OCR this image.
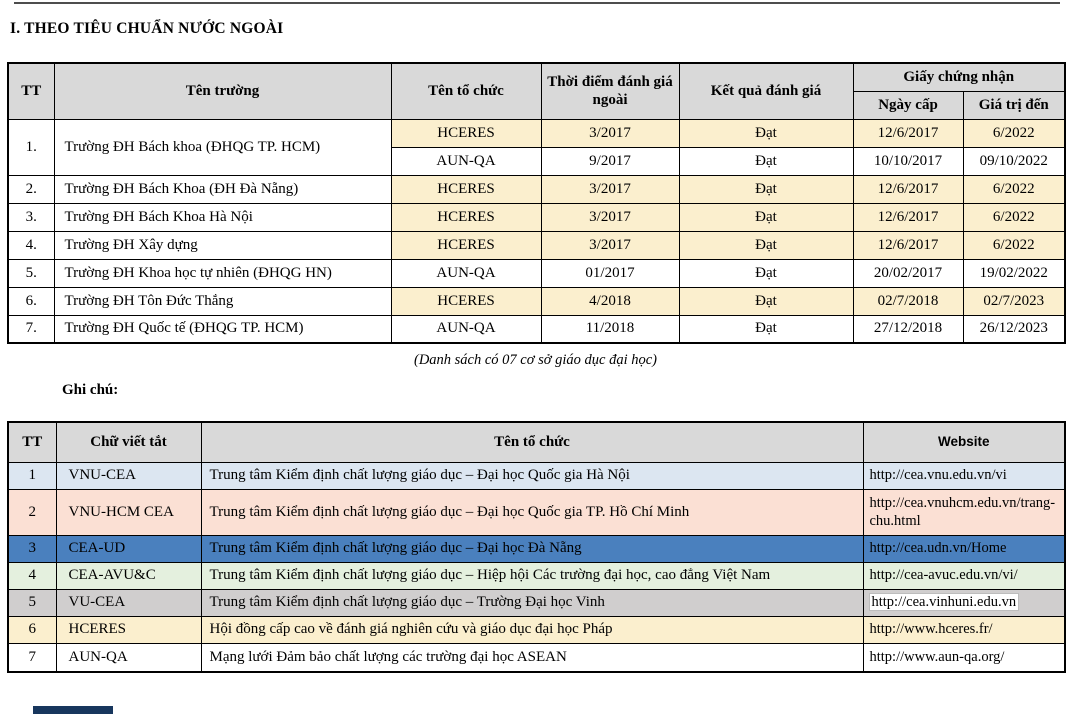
I. THEO TIÊU CHUẨN NƯỚC NGOÀI
TT	Tên trường	Tên tổ chức	Thời điểm đánh giá ngoài	Kết quả đánh giá	Giấy chứng nhận	
					Ngày cấp	Giá trị đến
1.	Trường ĐH Bách khoa (ĐHQG TP. HCM)	HCERES	3/2017	Đạt	12/6/2017	6/2022
		AUN-QA	9/2017	Đạt	10/10/2017	09/10/2022
2.	Trường ĐH Bách Khoa (ĐH Đà Nẵng)	HCERES	3/2017	Đạt	12/6/2017	6/2022
3.	Trường ĐH Bách Khoa Hà Nội	HCERES	3/2017	Đạt	12/6/2017	6/2022
4.	Trường ĐH Xây dựng	HCERES	3/2017	Đạt	12/6/2017	6/2022
5.	Trường ĐH Khoa học tự nhiên (ĐHQG HN)	AUN-QA	01/2017	Đạt	20/02/2017	19/02/2022
6.	Trường ĐH Tôn Đức Thắng	HCERES	4/2018	Đạt	02/7/2018	02/7/2023
7.	Trường ĐH Quốc tế (ĐHQG TP. HCM)	AUN-QA	11/2018	Đạt	27/12/2018	26/12/2023
(Danh sách có 07 cơ sở giáo dục đại học)
Ghi chú:
TT	Chữ viết tắt	Tên tổ chức	Website
1	VNU-CEA	Trung tâm Kiểm định chất lượng giáo dục – Đại học Quốc gia Hà Nội	http://cea.vnu.edu.vn/vi
2	VNU-HCM CEA	Trung tâm Kiểm định chất lượng giáo dục – Đại học Quốc gia TP. Hồ Chí Minh	http://cea.vnuhcm.edu.vn/trang-chu.html
3	CEA-UD	Trung tâm Kiểm định chất lượng giáo dục – Đại học Đà Nẵng	http://cea.udn.vn/Home
4	CEA-AVU&C	Trung tâm Kiểm định chất lượng giáo dục – Hiệp hội Các trường đại học, cao đẳng Việt Nam	http://cea-avuc.edu.vn/vi/
5	VU-CEA	Trung tâm Kiểm định chất lượng giáo dục – Trường Đại học Vinh	http://cea.vinhuni.edu.vn
6	HCERES	Hội đồng cấp cao về đánh giá nghiên cứu và giáo dục đại học Pháp	http://www.hceres.fr/
7	AUN-QA	Mạng lưới Đảm bảo chất lượng các trường đại học ASEAN	http://www.aun-qa.org/
